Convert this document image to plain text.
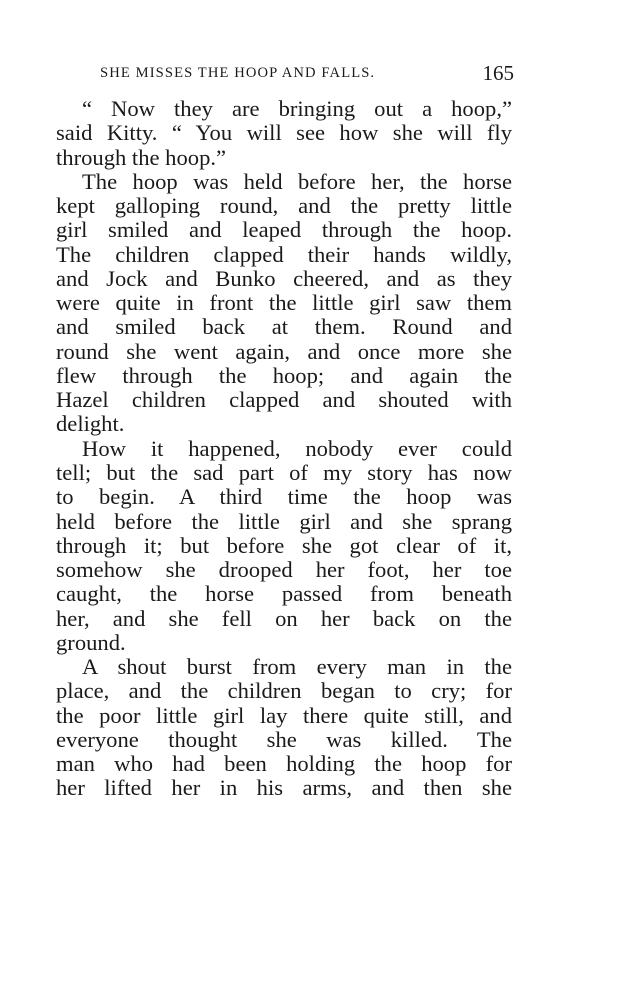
SHE MISSES THE HOOP AND FALLS.	165
“ Now they are bringing out a hoop,”
said Kitty. “ You will see how she will fly
through the hoop.”
The hoop was held before her, the horse
kept galloping round, and the pretty little
girl smiled and leaped through the hoop.
The children clapped their hands wildly,
and Jock and Bunko cheered, and as they
were quite in front the little girl saw them
and smiled back at them. Round and
round she went again, and once more she
flew through the hoop; and again the
Hazel children clapped and shouted with
delight.
How it happened, nobody ever could
tell; but the sad part of my story has now
to begin. A third time the hoop was
held before the little girl and she sprang
through it; but before she got clear of it,
somehow she drooped her foot, her toe
caught, the horse passed from beneath
her, and she fell on her back on the
ground.
A shout burst from every man in the
place, and the children began to cry; for
the poor little girl lay there quite still, and
everyone thought she was killed. The
man who had been holding the hoop for
her lifted her in his arms, and then she
